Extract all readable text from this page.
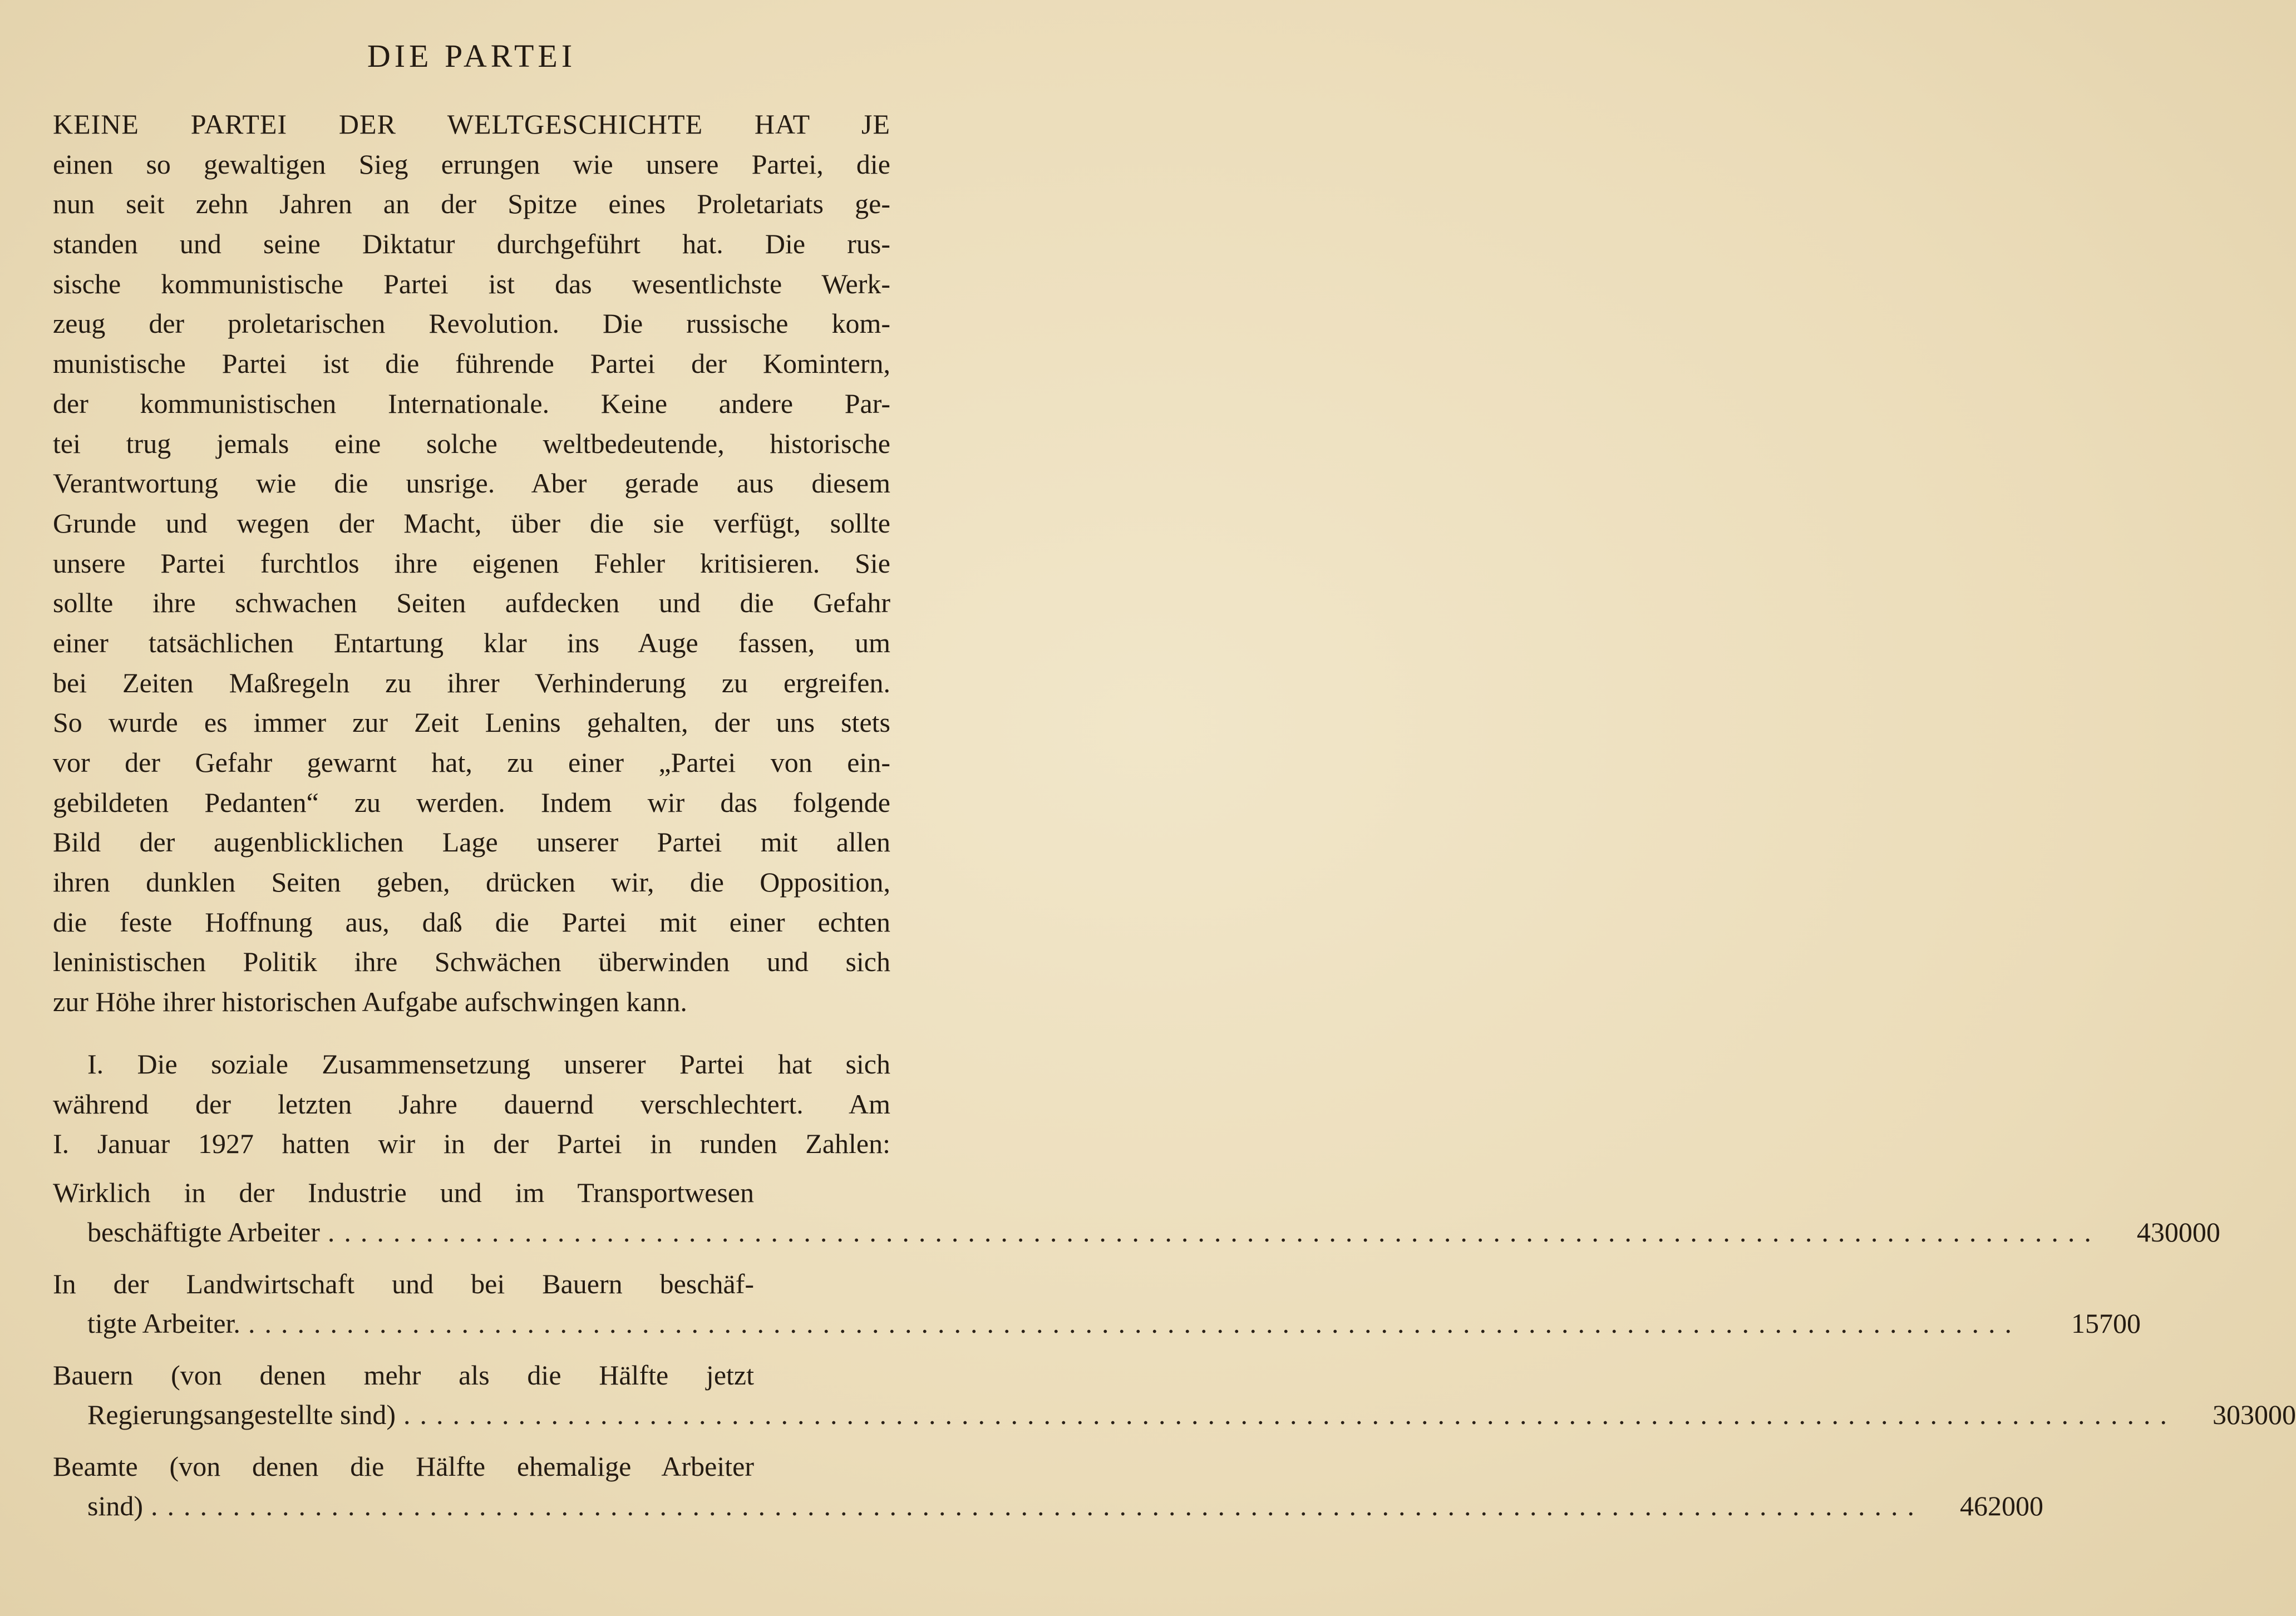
DIE PARTEI
KEINE PARTEI DER WELTGESCHICHTE HAT JE
einen so gewaltigen Sieg errungen wie unsere Partei, die
nun seit zehn Jahren an der Spitze eines Proletariats ge-
standen und seine Diktatur durchgeführt hat. Die rus-
sische kommunistische Partei ist das wesentlichste Werk-
zeug der proletarischen Revolution. Die russische kom-
munistische Partei ist die führende Partei der Komintern,
der kommunistischen Internationale. Keine andere Par-
tei trug jemals eine solche weltbedeutende, historische
Verantwortung wie die unsrige. Aber gerade aus diesem
Grunde und wegen der Macht, über die sie verfügt, sollte
unsere Partei furchtlos ihre eigenen Fehler kritisieren. Sie
sollte ihre schwachen Seiten aufdecken und die Gefahr
einer tatsächlichen Entartung klar ins Auge fassen, um
bei Zeiten Maßregeln zu ihrer Verhinderung zu ergreifen.
So wurde es immer zur Zeit Lenins gehalten, der uns stets
vor der Gefahr gewarnt hat, zu einer „Partei von ein-
gebildeten Pedanten“ zu werden. Indem wir das folgende
Bild der augenblicklichen Lage unserer Partei mit allen
ihren dunklen Seiten geben, drücken wir, die Opposition,
die feste Hoffnung aus, daß die Partei mit einer echten
leninistischen Politik ihre Schwächen überwinden und sich
zur Höhe ihrer historischen Aufgabe aufschwingen kann.
I. Die soziale Zusammensetzung unserer Partei hat sich
während der letzten Jahre dauernd verschlechtert. Am
I. Januar 1927 hatten wir in der Partei in runden Zahlen:
Wirklich in der Industrie und im Transportwesen
beschäftigte Arbeiter ............................................................................................................	430000
In der Landwirtschaft und bei Bauern beschäf-
tigte Arbeiter. ............................................................................................................	15700
Bauern (von denen mehr als die Hälfte jetzt
Regierungsangestellte sind) ............................................................................................................	303000
Beamte (von denen die Hälfte ehemalige Arbeiter
sind) ............................................................................................................	462000
